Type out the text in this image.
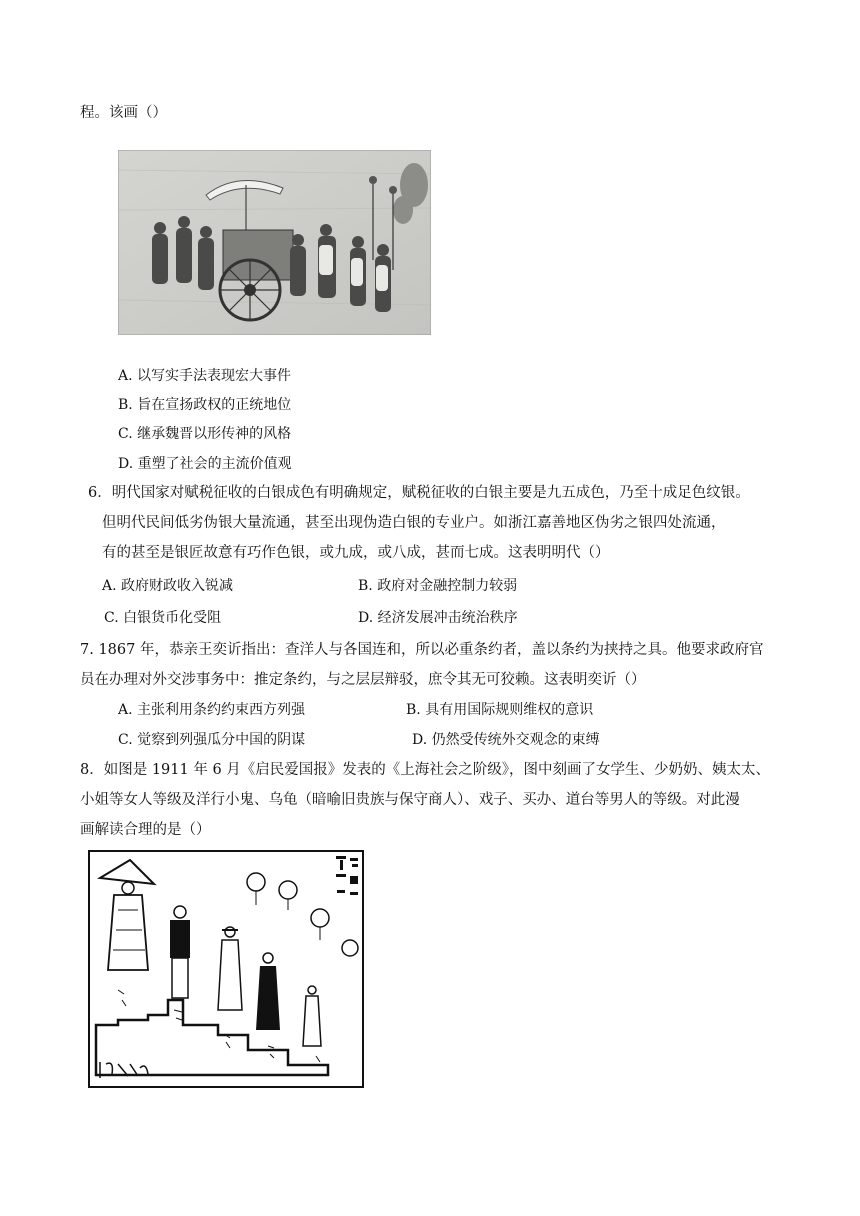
程。该画（）
A. 以写实手法表现宏大事件
B. 旨在宣扬政权的正统地位
C. 继承魏晋以形传神的风格
D. 重塑了社会的主流价值观
6．明代国家对赋税征收的白银成色有明确规定，赋税征收的白银主要是九五成色，乃至十成足色纹银。
但明代民间低劣伪银大量流通，甚至出现伪造白银的专业户。如浙江嘉善地区伪劣之银四处流通，
有的甚至是银匠故意有巧作色银，或九成，或八成，甚而七成。这表明明代（）
A. 政府财政收入锐减	B. 政府对金融控制力较弱
C. 白银货币化受阻	D. 经济发展冲击统治秩序
7. 1867 年，恭亲王奕䜣指出：查洋人与各国连和，所以必重条约者，盖以条约为挟持之具。他要求政府官
员在办理对外交涉事务中：推定条约，与之层层辩驳，庶令其无可狡赖。这表明奕䜣（）
A. 主张利用条约约束西方列强	B. 具有用国际规则维权的意识
C. 觉察到列强瓜分中国的阴谋	D. 仍然受传统外交观念的束缚
8．如图是 1911 年 6 月《启民爱国报》发表的《上海社会之阶级》，图中刻画了女学生、少奶奶、姨太太、
小姐等女人等级及洋行小鬼、乌龟（暗喻旧贵族与保守商人）、戏子、买办、道台等男人的等级。对此漫
画解读合理的是（）
